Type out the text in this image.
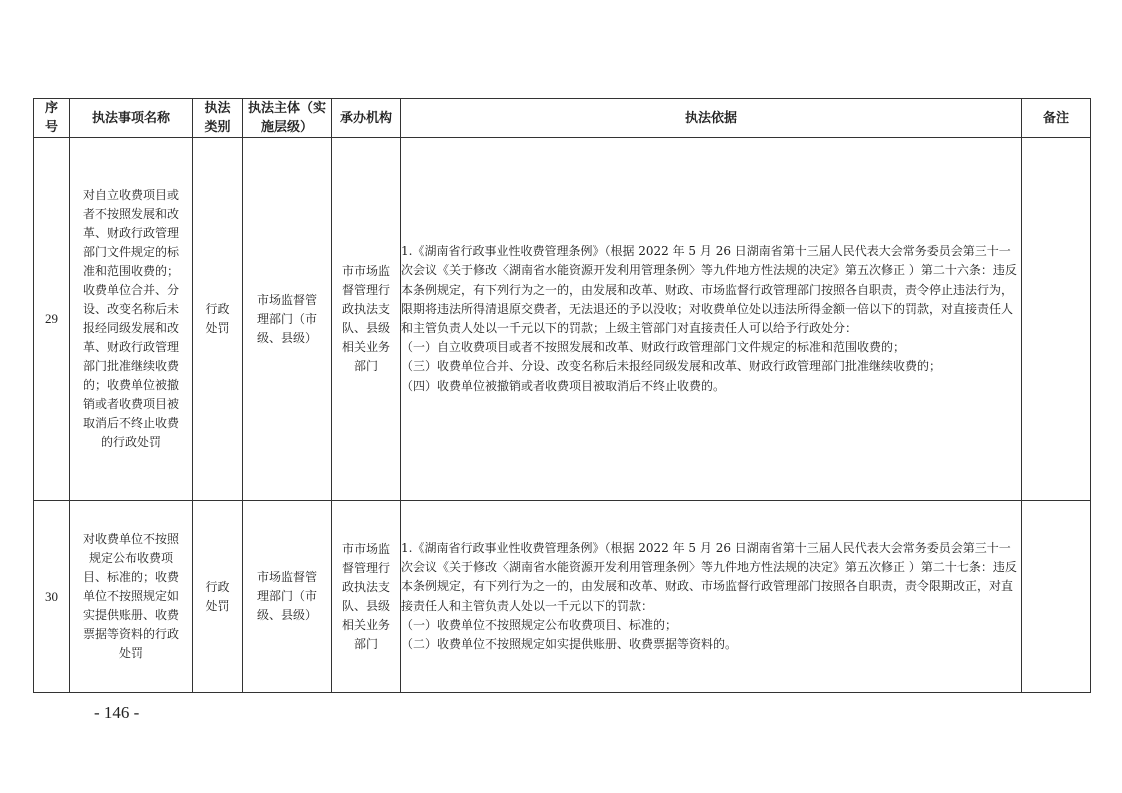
序号	执法事项名称	执法类别	执法主体（实施层级）	承办机构	执法依据	备注
29	对自立收费项目或者不按照发展和改革、财政行政管理部门文件规定的标准和范围收费的；收费单位合并、分设、改变名称后未报经同级发展和改革、财政行政管理部门批准继续收费的；收费单位被撤销或者收费项目被取消后不终止收费的行政处罚	行政处罚	市场监督管理部门（市级、县级）	市市场监督管理行政执法支队、县级相关业务部门	1.《湖南省行政事业性收费管理条例》（根据 2022 年 5 月 26 日湖南省第十三届人民代表大会常务委员会第三十一次会议《关于修改〈湖南省水能资源开发利用管理条例〉等九件地方性法规的决定》第五次修正 ）第二十六条：违反本条例规定，有下列行为之一的，由发展和改革、财政、市场监督行政管理部门按照各自职责，责令停止违法行为，限期将违法所得清退原交费者，无法退还的予以没收；对收费单位处以违法所得金额一倍以下的罚款，对直接责任人和主管负责人处以一千元以下的罚款；上级主管部门对直接责任人可以给予行政处分：
（一）自立收费项目或者不按照发展和改革、财政行政管理部门文件规定的标准和范围收费的；
（三）收费单位合并、分设、改变名称后未报经同级发展和改革、财政行政管理部门批准继续收费的；
（四）收费单位被撤销或者收费项目被取消后不终止收费的。	

30	对收费单位不按照规定公布收费项目、标准的；收费单位不按照规定如实提供账册、收费票据等资料的行政处罚	行政处罚	市场监督管理部门（市级、县级）	市市场监督管理行政执法支队、县级相关业务部门	1.《湖南省行政事业性收费管理条例》（根据 2022 年 5 月 26 日湖南省第十三届人民代表大会常务委员会第三十一次会议《关于修改〈湖南省水能资源开发利用管理条例〉等九件地方性法规的决定》第五次修正 ）第二十七条：违反本条例规定，有下列行为之一的，由发展和改革、财政、市场监督行政管理部门按照各自职责，责令限期改正，对直接责任人和主管负责人处以一千元以下的罚款：
（一）收费单位不按照规定公布收费项目、标准的；
（二）收费单位不按照规定如实提供账册、收费票据等资料的。	

- 146 -
